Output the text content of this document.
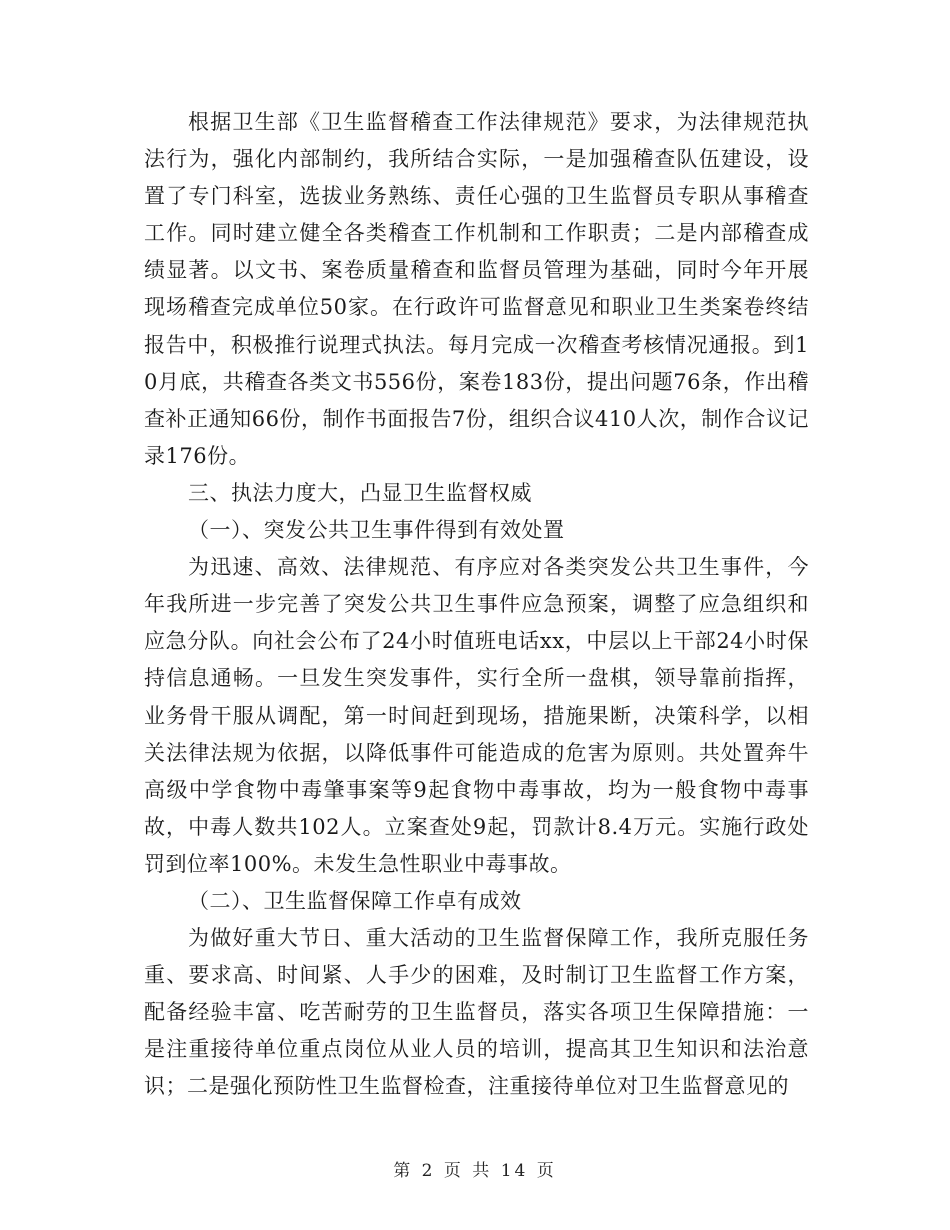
根据卫生部《卫生监督稽查工作法律规范》要求，为法律规范执法行为，强化内部制约，我所结合实际，一是加强稽查队伍建设，设置了专门科室，选拔业务熟练、责任心强的卫生监督员专职从事稽查工作。同时建立健全各类稽查工作机制和工作职责；二是内部稽查成绩显著。以文书、案卷质量稽查和监督员管理为基础，同时今年开展现场稽查完成单位50家。在行政许可监督意见和职业卫生类案卷终结报告中，积极推行说理式执法。每月完成一次稽查考核情况通报。到10月底，共稽查各类文书556份，案卷183份，提出问题76条，作出稽查补正通知66份，制作书面报告7份，组织合议410人次，制作合议记录176份。

三、执法力度大，凸显卫生监督权威

（一）、突发公共卫生事件得到有效处置

为迅速、高效、法律规范、有序应对各类突发公共卫生事件，今年我所进一步完善了突发公共卫生事件应急预案，调整了应急组织和应急分队。向社会公布了24小时值班电话xx，中层以上干部24小时保持信息通畅。一旦发生突发事件，实行全所一盘棋，领导靠前指挥，业务骨干服从调配，第一时间赶到现场，措施果断，决策科学，以相关法律法规为依据，以降低事件可能造成的危害为原则。共处置奔牛高级中学食物中毒肇事案等9起食物中毒事故，均为一般食物中毒事故，中毒人数共102人。立案查处9起，罚款计8.4万元。实施行政处罚到位率100%。未发生急性职业中毒事故。

（二）、卫生监督保障工作卓有成效

为做好重大节日、重大活动的卫生监督保障工作，我所克服任务重、要求高、时间紧、人手少的困难，及时制订卫生监督工作方案，配备经验丰富、吃苦耐劳的卫生监督员，落实各项卫生保障措施：一是注重接待单位重点岗位从业人员的培训，提高其卫生知识和法治意识；二是强化预防性卫生监督检查，注重接待单位对卫生监督意见的

第 2 页 共 14 页
